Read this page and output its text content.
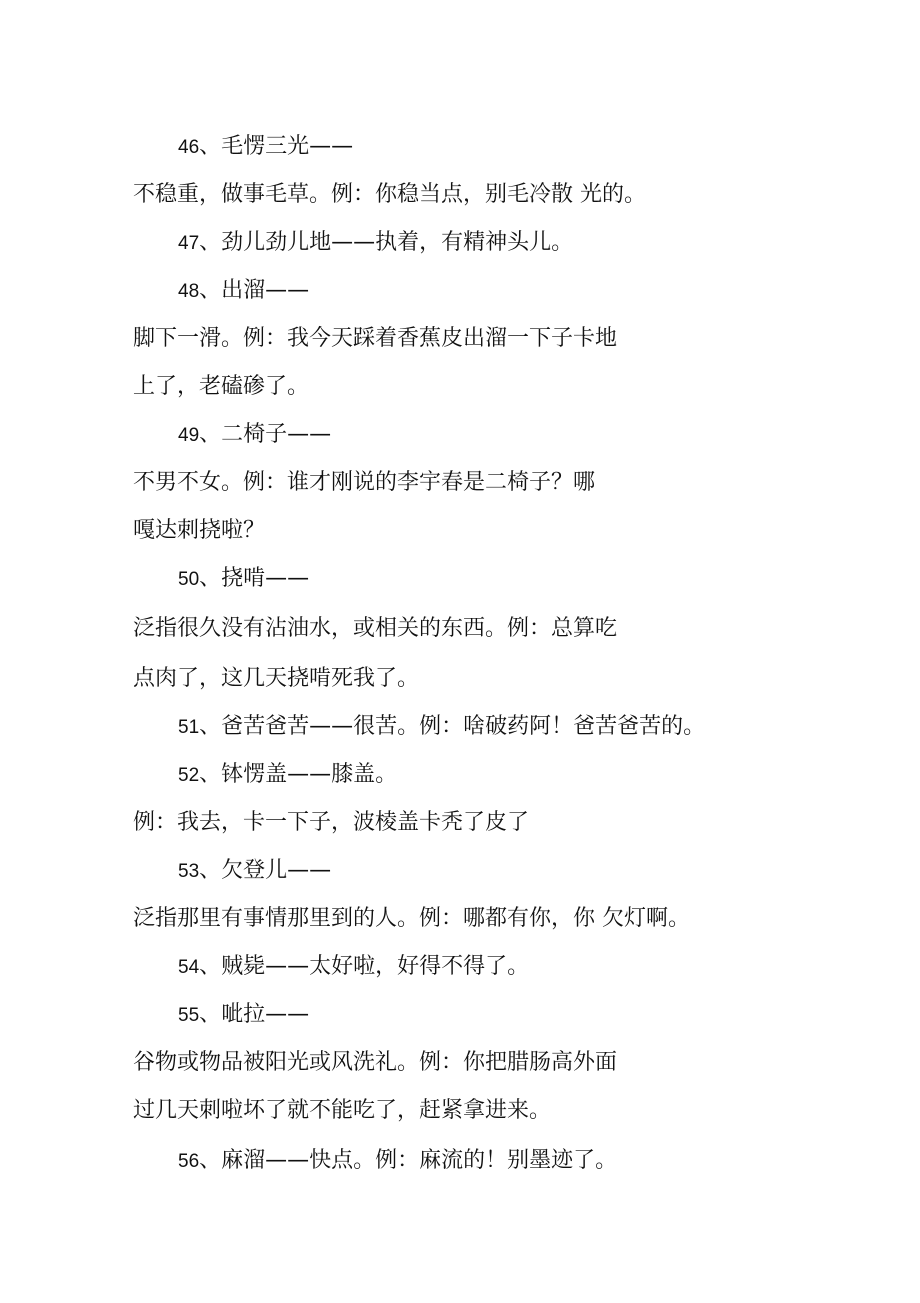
46、毛愣三光——
不稳重，做事毛草。例：你稳当点，别毛冷散 光的。
47、劲儿劲儿地——执着，有精神头儿。
48、出溜——
脚下一滑。例：我今天踩着香蕉皮出溜一下子卡地
上了，老磕碜了。
49、二椅子——
不男不女。例：谁才刚说的李宇春是二椅子？哪
嘎达刺挠啦？
50、挠啃——
泛指很久没有沾油水，或相关的东西。例：总算吃
点肉了，这几天挠啃死我了。
51、爸苦爸苦——很苦。例：啥破药阿！爸苦爸苦的。
52、钵愣盖——膝盖。
例：我去，卡一下子，波棱盖卡秃了皮了
53、欠登儿——
泛指那里有事情那里到的人。例：哪都有你，你 欠灯啊。
54、贼毙——太好啦，好得不得了。
55、呲拉——
谷物或物品被阳光或风洗礼。例：你把腊肠高外面
过几天刺啦坏了就不能吃了，赶紧拿进来。
56、麻溜——快点。例：麻流的！别墨迹了。
